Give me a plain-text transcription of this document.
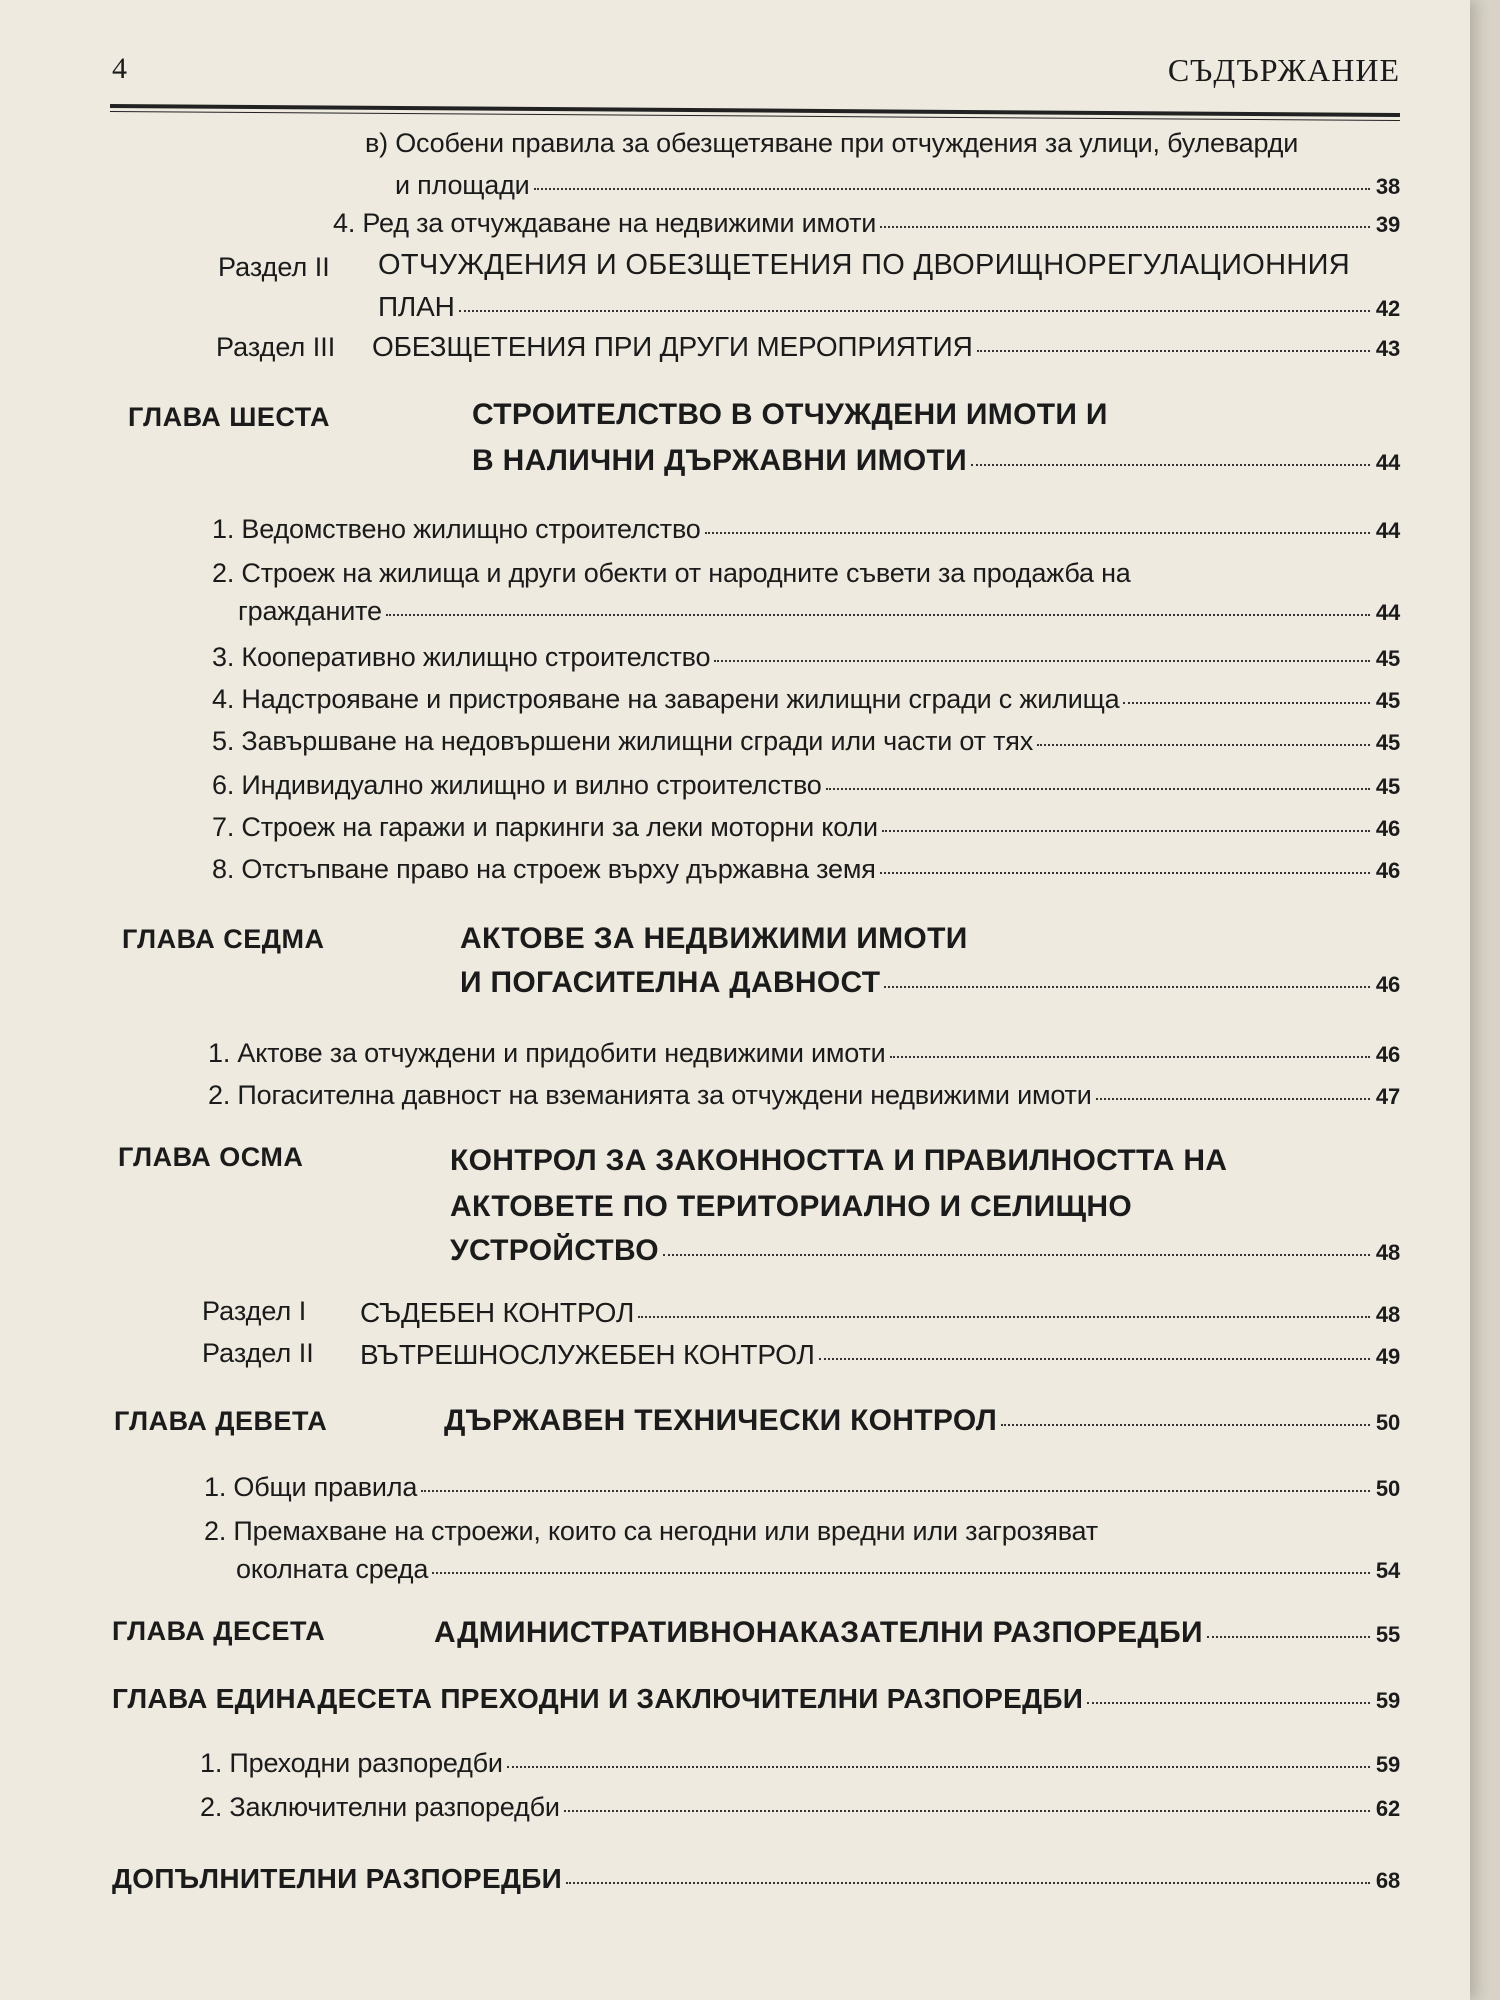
4	СЪДЪРЖАНИЕ
в) Особени правила за обезщетяване при отчуждения за улици, булеварди
и площади	38
4. Ред за отчуждаване на недвижими имоти	39
Раздел II ОТЧУЖДЕНИЯ И ОБЕЗЩЕТЕНИЯ ПО ДВОРИЩНОРЕГУЛАЦИОННИЯ
ПЛАН	42
Раздел III ОБЕЗЩЕТЕНИЯ ПРИ ДРУГИ МЕРОПРИЯТИЯ	43
ГЛАВА ШЕСТА	СТРОИТЕЛСТВО В ОТЧУЖДЕНИ ИМОТИ И
В НАЛИЧНИ ДЪРЖАВНИ ИМОТИ	44
1. Ведомствено жилищно строителство	44
2. Строеж на жилища и други обекти от народните съвети за продажба на
гражданите	44
3. Кооперативно жилищно строителство	45
4. Надстрояване и пристрояване на заварени жилищни сгради с жилища	45
5. Завършване на недовършени жилищни сгради или части от тях	45
6. Индивидуално жилищно и вилно строителство	45
7. Строеж на гаражи и паркинги за леки моторни коли	46
8. Отстъпване право на строеж върху държавна земя	46
ГЛАВА СЕДМА	АКТОВЕ ЗА НЕДВИЖИМИ ИМОТИ
И ПОГАСИТЕЛНА ДАВНОСТ	46
1. Актове за отчуждени и придобити недвижими имоти	46
2. Погасителна давност на вземанията за отчуждени недвижими имоти	47
ГЛАВА ОСМА	КОНТРОЛ ЗА ЗАКОННОСТТА И ПРАВИЛНОСТТА НА
АКТОВЕТЕ ПО ТЕРИТОРИАЛНО И СЕЛИЩНО
УСТРОЙСТВО	48
Раздел I СЪДЕБЕН КОНТРОЛ	48
Раздел II ВЪТРЕШНОСЛУЖЕБЕН КОНТРОЛ	49
ГЛАВА ДЕВЕТА	ДЪРЖАВЕН ТЕХНИЧЕСКИ КОНТРОЛ	50
1. Общи правила	50
2. Премахване на строежи, които са негодни или вредни или загрозяват
околната среда	54
ГЛАВА ДЕСЕТА	АДМИНИСТРАТИВНОНАКАЗАТЕЛНИ РАЗПОРЕДБИ	55
ГЛАВА ЕДИНАДЕСЕТА ПРЕХОДНИ И ЗАКЛЮЧИТЕЛНИ РАЗПОРЕДБИ	59
1. Преходни разпоредби	59
2. Заключителни разпоредби	62
ДОПЪЛНИТЕЛНИ РАЗПОРЕДБИ	68
